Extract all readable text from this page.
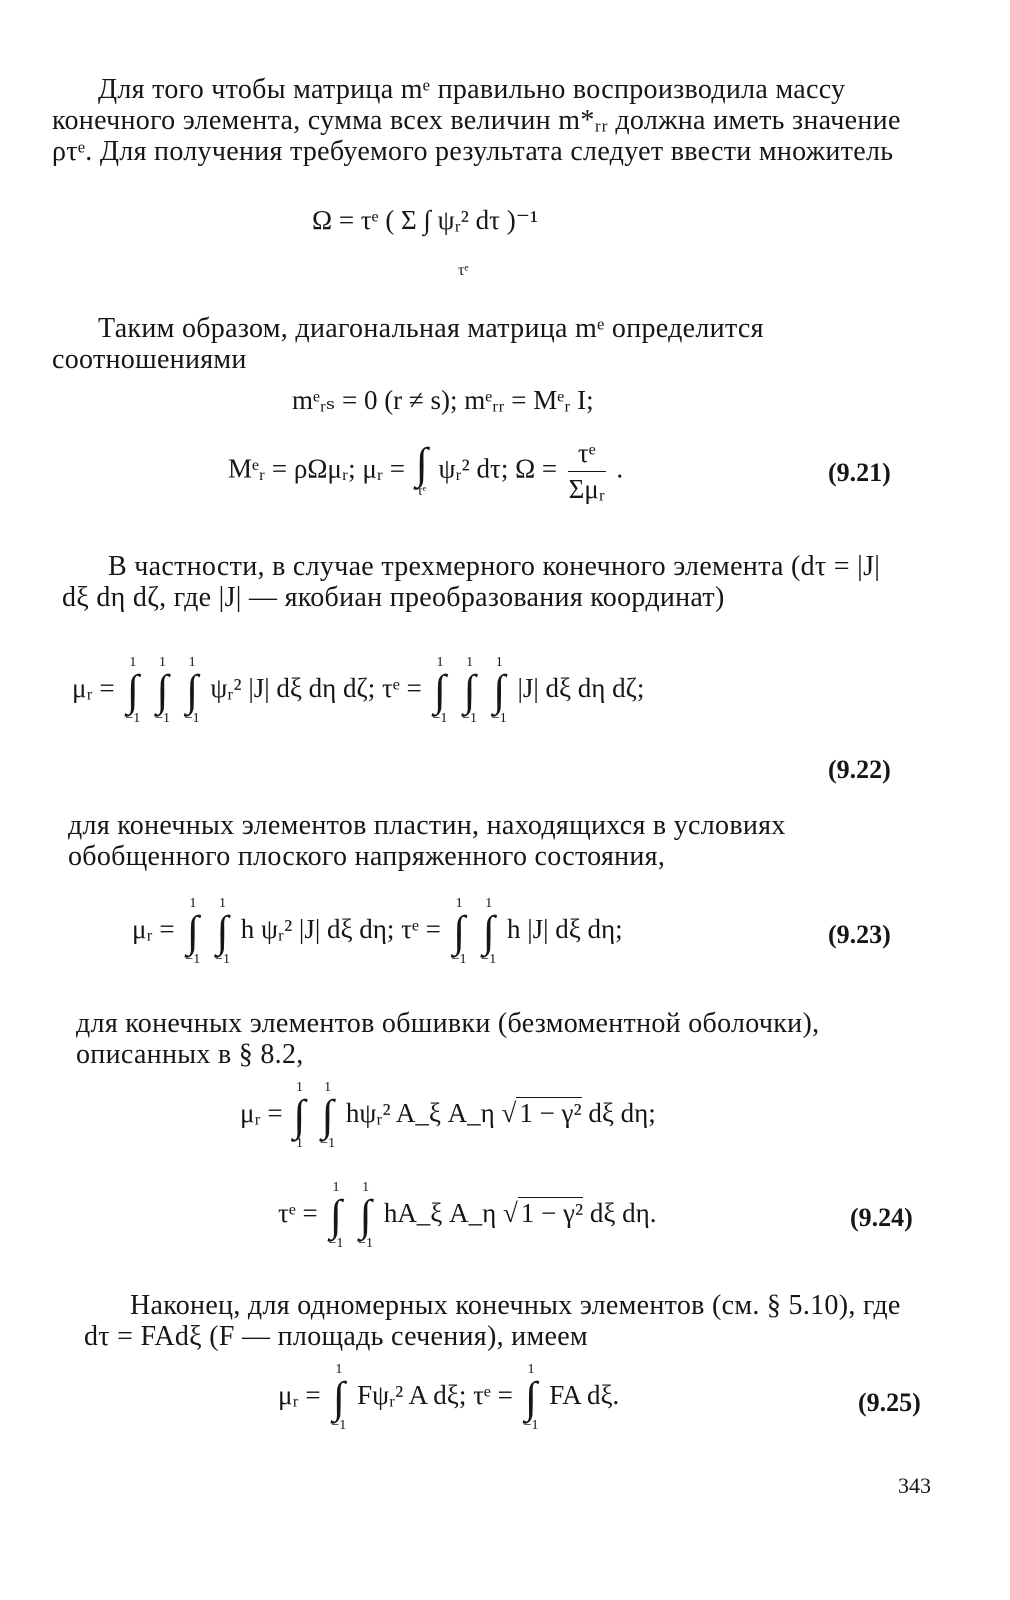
Для того чтобы матрица mᵉ правильно воспроизводила массу конечного элемента, сумма всех величин m*ᵣᵣ должна иметь значение ρτᵉ. Для получения требуемого результата следует ввести множитель

Ω = τᵉ ( Σ ∫ ψᵣ² dτ )⁻¹
τᵉ

Таким образом, диагональная матрица mᵉ определится соотношениями

mᵉᵣₛ = 0 (r ≠ s); mᵉᵣᵣ = Mᵉᵣ I;
Mᵉᵣ = ρΩμᵣ; μᵣ = ∫
τᵉ ψᵣ² dτ; $\Omega = \frac{\text{τᵉ}}{\text{Σμᵣ}}$ .	(9.21)

В частности, в случае трехмерного конечного элемента (dτ = |J| dξ dη dζ, где |J| — якобиан преобразования координат)

μᵣ = 1
∫
−1 1
∫
−1 1
∫
−1 ψᵣ² |J| dξ dη dζ; τᵉ = 1
∫
−1 1
∫
−1 1
∫
−1 |J| dξ dη dζ;
(9.22)

для конечных элементов пластин, находящихся в условиях обобщенного плоского напряженного состояния,

μᵣ = 1
∫
−1 1
∫
−1 h ψᵣ² |J| dξ dη; τᵉ = 1
∫
−1 1
∫
−1 h |J| dξ dη;	(9.23)

для конечных элементов обшивки (безмоментной оболочки), описанных в § 8.2,

μᵣ = 1
∫
1 1
∫
−1 hψᵣ² A_ξ A_η √ 1 − γ² dξ dη;
τᵉ = 1
∫
−1 1
∫
−1 hA_ξ A_η √ 1 − γ² dξ dη.	(9.24)

Наконец, для одномерных конечных элементов (см. § 5.10), где dτ = FAdξ (F — площадь сечения), имеем

μᵣ = 1
∫
−1 Fψᵣ² A dξ; τᵉ = 1
∫
−1 FA dξ.	(9.25)
343
